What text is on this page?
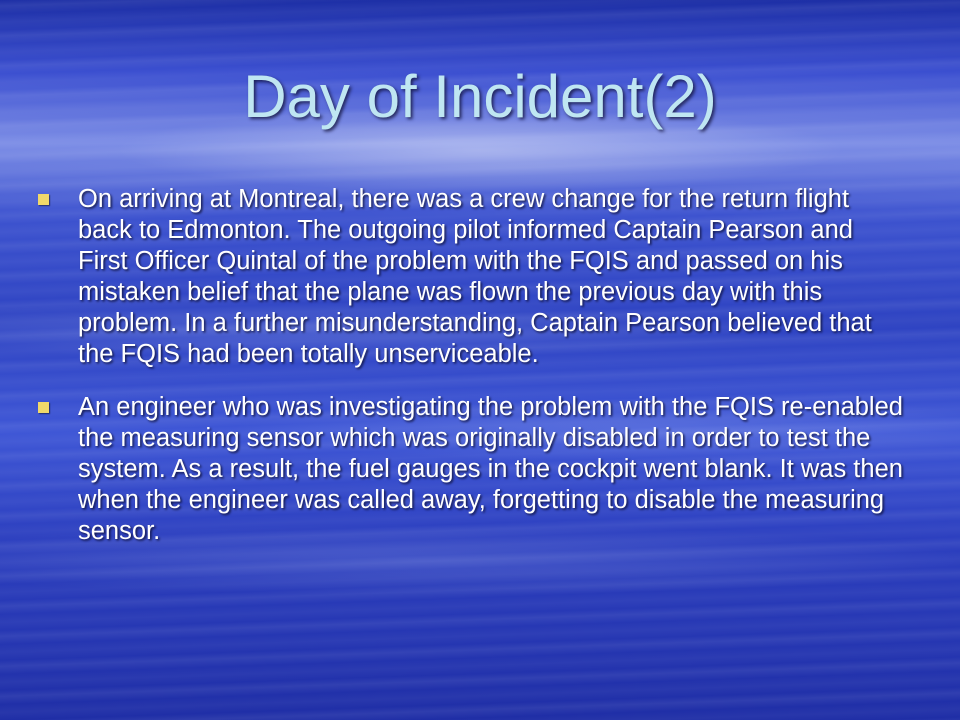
Day of Incident(2)
On arriving at Montreal, there was a crew change for the return flight back to Edmonton. The outgoing pilot informed Captain Pearson and First Officer Quintal of the problem with the FQIS and passed on his mistaken belief that the plane was flown the previous day with this problem. In a further misunderstanding, Captain Pearson believed that the FQIS had been totally unserviceable.
An engineer who was investigating the problem with the FQIS re-enabled the measuring sensor which was originally disabled in order to test the system. As a result, the fuel gauges in the cockpit went blank. It was then when the engineer was called away, forgetting to disable the measuring sensor.
